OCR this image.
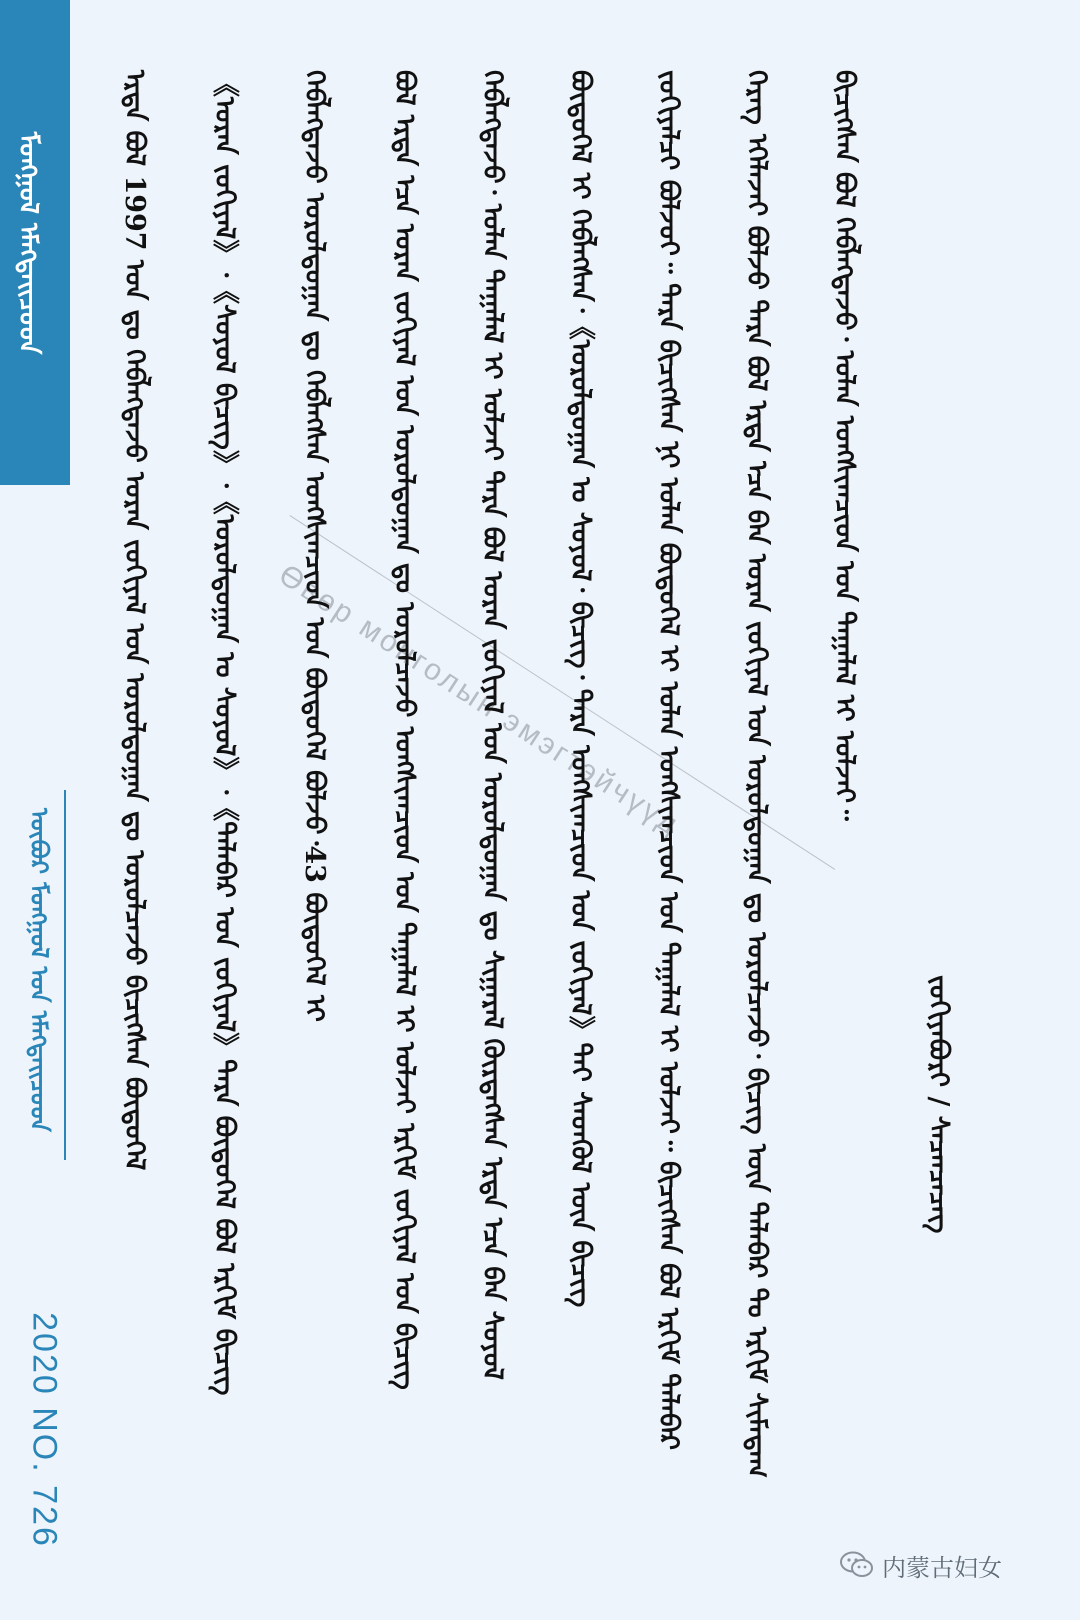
ᠮᠣᠩᠭᠣᠯ ᠡᠮᠡᠭᠲᠡᠢᠴᠦᠳ
ᠥᠪᠦᠷ ᠮᠣᠩᠭᠣᠯ ᠤᠨ ᠡᠮᠡᠭᠲᠡᠢᠴᠦᠳ
2020 NO. 726
Өвөр монголын эмэгтэйчүүд
ᠡᠷᠲᠡ ᠪᠣᠯ 1997 ᠣᠨ ᠳᠤ ᠬᠡᠪᠯᠡᠭᠳᠡᠵᠦ ᠤᠷᠠᠨ ᠵᠣᠬᠢᠶᠠᠯ ᠤᠨ ᠤᠷᠤᠯᠳᠤᠭᠠᠨ ᠳᠤ ᠣᠷᠣᠯᠴᠠᠵᠦ ᠪᠢᠴᠢᠭᠰᠡᠨ ᠪᠦᠲᠦᠭᠡᠯ	《ᠤᠷᠠᠨ ᠵᠣᠬᠢᠶᠠᠯ》᠂《ᠰᠣᠶᠣᠯ ᠪᠢᠴᠢᠭ》᠂《ᠤᠷᠤᠯᠳᠤᠭᠠᠨ ᠤ ᠰᠣᠶᠣᠯ》᠂《ᠲᠠᠯᠠᠪᠠᠷ ᠤᠨ ᠵᠣᠬᠢᠶᠠᠯ》ᠲᠡᠷᠡ ᠪᠦᠲᠦᠭᠡᠯ ᠪᠣᠯ ᠡᠷᠬᠢᠮ ᠪᠢᠴᠢᠭ	ᠬᠡᠪᠯᠡᠭᠳᠡᠵᠦ ᠤᠷᠤᠯᠳᠤᠭᠠᠨ ᠳᠤ ᠬᠡᠪᠯᠡᠭᠰᠡᠨ ᠤᠩᠰᠢᠭᠴᠢᠳ ᠤᠨ ᠪᠦᠲᠦᠭᠡᠯ ᠪᠣᠯᠵᠣ᠂43 ᠪᠦᠲᠦᠭᠡᠯ ᠢ	ᠪᠣᠯ ᠡᠷᠲᠡ ᠡᠴᠡ ᠤᠷᠠᠨ ᠵᠣᠬᠢᠶᠠᠯ ᠤᠨ ᠤᠷᠤᠯᠳᠤᠭᠠᠨ ᠳᠤ ᠣᠷᠣᠯᠴᠠᠵᠦ ᠤᠩᠰᠢᠭᠴᠢᠳ ᠤᠨ ᠲᠠᠭᠠᠯᠠᠯ ᠢ ᠣᠯᠵᠠᠢ ᠡᠷᠬᠢᠮ ᠵᠣᠬᠢᠶᠠᠯ ᠤᠨ ᠪᠢᠴᠢᠭ	ᠬᠡᠪᠯᠡᠭᠳᠡᠵᠦ᠂ ᠣᠯᠠᠨ ᠲᠠᠭᠠᠯᠠᠯ ᠢ ᠣᠯᠵᠠᠢ ᠲᠡᠷᠡ ᠪᠣᠯ ᠤᠷᠠᠨ ᠵᠣᠬᠢᠶᠠᠯ ᠤᠨ ᠤᠷᠤᠯᠳᠤᠭᠠᠨ ᠳᠤ ᠰᠢᠭᠠᠷᠠᠯ ᠬᠦᠷᠲᠡᠭᠰᠡᠨ ᠡᠷᠲᠡ ᠡᠴᠡ ᠪᠠᠨ ᠰᠣᠶᠣᠯ	ᠪᠦᠲᠦᠭᠡᠯ ᠢ ᠬᠡᠪᠯᠡᠭᠰᠡᠨ᠂《ᠤᠷᠤᠯᠳᠤᠭᠠᠨ ᠤ ᠰᠣᠶᠣᠯ᠂ ᠪᠢᠴᠢᠭ᠂ ᠲᠡᠷᠡ ᠤᠩᠰᠢᠭᠴᠢᠳ ᠤᠨ ᠵᠣᠬᠢᠶᠠᠯ》ᠲᠠᠢ ᠰᠡᠳᠬᠦᠯ ᠦᠨ ᠪᠢᠴᠢᠭ	ᠵᠣᠬᠢᠶᠠᠯᠴᠢ ᠪᠣᠯᠵᠣᠢ᠃ ᠲᠡᠷᠡ ᠪᠢᠴᠢᠭᠰᠡᠨ ᠨᠢ ᠣᠯᠠᠨ ᠪᠦᠲᠦᠭᠡᠯ ᠢ ᠣᠯᠠᠨ ᠤᠩᠰᠢᠭᠴᠢᠳ ᠤᠨ ᠲᠠᠭᠠᠯᠠᠯ ᠢ ᠣᠯᠵᠠᠢ᠃ ᠪᠢᠴᠢᠭᠰᠡᠨ ᠪᠣᠯ ᠡᠷᠬᠢᠮ ᠲᠠᠯᠠᠪᠠᠷ	ᠬᠡᠷᠡᠭ ᠡᠬᠡᠯᠡᠵᠡᠢ ᠪᠣᠯᠵᠣ ᠲᠡᠷᠡ ᠪᠣᠯ ᠡᠷᠲᠡ ᠡᠴᠡ ᠪᠠᠨ ᠤᠷᠠᠨ ᠵᠣᠬᠢᠶᠠᠯ ᠤᠨ ᠤᠷᠤᠯᠳᠤᠭᠠᠨ ᠳᠤ ᠣᠷᠣᠯᠴᠠᠵᠦ᠂ ᠪᠢᠴᠢᠭ ᠦᠨ ᠲᠠᠯᠠᠪᠠᠷ ᠲᠤ ᠡᠷᠬᠢᠮ ᠰᠢᠮᠠᠳᠠᠭ	ᠪᠢᠴᠢᠭᠰᠡᠨ ᠪᠣᠯ ᠬᠡᠪᠯᠡᠭᠳᠡᠵᠦ᠂ ᠣᠯᠠᠨ ᠤᠩᠰᠢᠭᠴᠢᠳ ᠤᠨ ᠲᠠᠭᠠᠯᠠᠯ ᠢ ᠣᠯᠵᠠᠢ᠃
ᠵᠣᠬᠢᠶᠠᠪᠤᠷᠢ / ᠰᠡᠴᠡᠨᠴᠡᠴᠡᠭ
内蒙古妇女
